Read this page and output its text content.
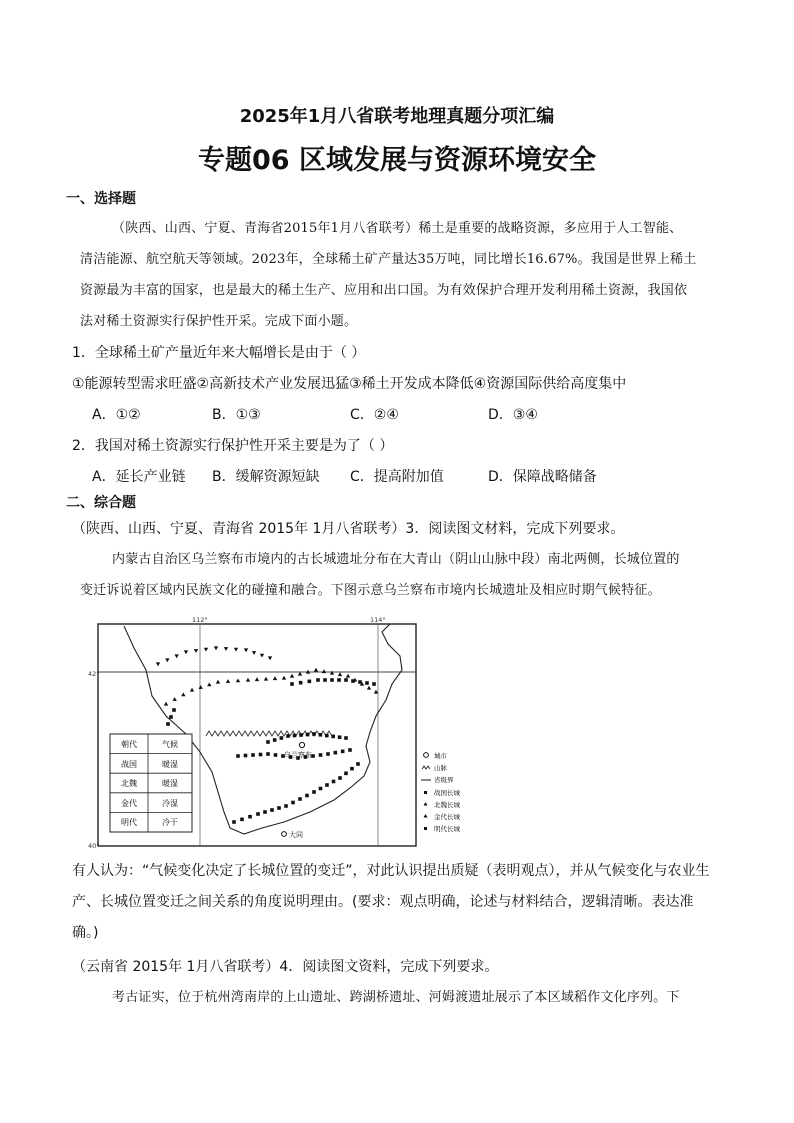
2025年1月八省联考地理真题分项汇编
专题06 区域发展与资源环境安全
一、选择题
（陕西、山西、宁夏、青海省2015年1月八省联考）稀土是重要的战略资源，多应用于人工智能、
清洁能源、航空航天等领域。2023年，全球稀土矿产量达35万吨，同比增长16.67%。我国是世界上稀土
资源最为丰富的国家，也是最大的稀土生产、应用和出口国。为有效保护合理开发利用稀土资源，我国依
法对稀土资源实行保护性开采。完成下面小题。
1．全球稀土矿产量近年来大幅增长是由于（ ）
①能源转型需求旺盛②高新技术产业发展迅猛③稀土开发成本降低④资源国际供给高度集中
A．①②	B．①③	C．②④	D．③④
2．我国对稀土资源实行保护性开采主要是为了（ ）
A．延长产业链 B．缓解资源短缺 C．提高附加值	D．保障战略储备
二、综合题
（陕西、山西、宁夏、青海省 2015年 1月八省联考）3．阅读图文材料，完成下列要求。
内蒙古自治区乌兰察布市境内的古长城遗址分布在大青山（阴山山脉中段）南北两侧，长城位置的
变迁诉说着区域内民族文化的碰撞和融合。下图示意乌兰察布市境内长城遗址及相应时期气候特征。
112°	114°
42°
40°
乌兰察布
大同
朝代	气候
战国	暖湿
北魏	暖湿
金代	冷湿
明代	冷干
城市
山脉
省级界
战国长城
北魏长城
金代长城
明代长城
有人认为：“气候变化决定了长城位置的变迁”，对此认识提出质疑（表明观点），并从气候变化与农业生
产、长城位置变迁之间关系的角度说明理由。(要求：观点明确，论述与材料结合，逻辑清晰。表达准
确。)
（云南省 2015年 1月八省联考）4．阅读图文资料，完成下列要求。
考古证实，位于杭州湾南岸的上山遗址、跨湖桥遗址、河姆渡遗址展示了本区域稻作文化序列。下
